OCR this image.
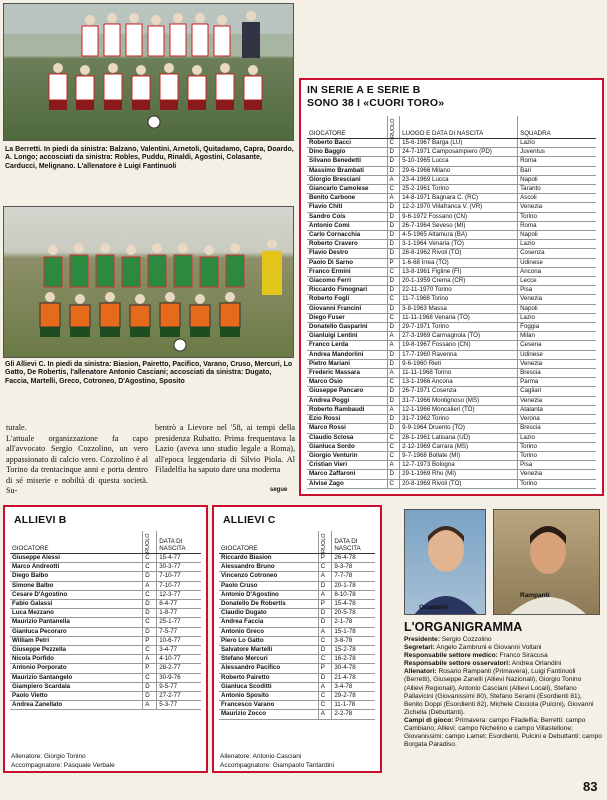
La Berretti. In piedi da sinistra: Balzano, Valentini, Arnetoli, Quitadamo, Capra, Doardo, A. Longo; accosciati da sinistra: Robles, Puddu, Rinaldi, Agostini, Colasante, Carducci, Melignano. L'allenatore è Luigi Fantinuoli
Gli Allievi C. In piedi da sinistra: Biasion, Pairetto, Pacifico, Varano, Cruso, Mercuri, Lo Gatto, De Robertis, l'allenatore Antonio Casciani; accosciati da sinistra: Dugato, Faccia, Martelli, Greco, Cotroneo, D'Agostino, Sposito
turale.
L'attuale organizzazione fa capo all'avvocato Sergio Cozzolino, un vero appassionato di calcio vero. Cozzolino è al Torino da trentacinque anni e porta dentro di sé miserie e nobiltà di questa società. Su-
bentrò a Lievore nel '58, ai tempi della presidenza Rubatto. Prima frequentava la Lazio (aveva uno studio legale a Roma), all'epoca leggendaria di Silvio Piola. Al Filadelfia ha saputo dare una moderna
segue
IN SERIE A E SERIE B
SONO 38 I «CUORI TORO»
GIOCATORE	RUOLO	LUOGO E DATA DI NASCITA	SQUADRA
Roberto Bacci	C	15-6-1967 Barga (LU)	Lazio
Dino Baggio	D	24-7-1971 Camposampiero (PD)	Juventus
Silvano Benedetti	D	5-10-1965 Lucca	Roma
Massimo Brambati	D	29-6-1966 Milano	Bari
Giorgio Bresciani	A	23-4-1969 Lucca	Napoli
Giancarlo Camolese	C	25-2-1961 Torino	Taranto
Benito Carbone	A	14-8-1971 Bagnara C. (RC)	Ascoli
Flavio Chiti	D	12-2-1970 Villafranca V. (VR)	Venezia
Sandro Cois	D	9-6-1972 Fossano (CN)	Torino
Antonio Comi	D	26-7-1964 Seveso (MI)	Roma
Carlo Cornacchia	D	4-5-1965 Altamura (BA)	Napoli
Roberto Cravero	D	3-1-1964 Venaria (TO)	Lazio
Flavio Destro	D	28-8-1962 Rivoli (TO)	Cosenza
Paolo Di Sarno	P	1-6-68 Irrea (TO)	Udinese
Franco Ermini	C	13-8-1961 Figline (FI)	Ancona
Giacomo Ferri	D	20-1-1959 Crema (CR)	Lecce
Riccardo Fimognari	D	22-11-1970 Torino	Pisa
Roberto Fogli	C	11-7-1968 Torino	Venezia
Giovanni Francini	D	3-8-1963 Massa	Napoli
Diego Fuser	C	11-11-1968 Venaria (TO)	Lazio
Donatello Gasparini	D	29-7-1971 Torino	Foggia
Gianluigi Lentini	A	27-3-1969 Carmagnola (TO)	Milan
Franco Lerda	A	19-8-1967 Fossano (CN)	Cesena
Andrea Mandorlini	D	17-7-1960 Ravenna	Udinese
Pietro Mariani	D	9-6-1960 Rieti	Venezia
Frederic Massara	A	11-11-1968 Torino	Brescia
Marco Osio	C	13-1-1966 Ancona	Parma
Giuseppe Pancaro	D	26-7-1971 Cosenza	Cagliari
Andrea Poggi	D	31-7-1966 Montignoso (MS)	Venezia
Roberto Rambaudi	A	12-1-1966 Moncalieri (TO)	Atalanta
Ezio Rossi	D	31-7-1962 Torino	Verona
Marco Rossi	D	9-9-1964 Druento (TO)	Brescia
Claudio Sclosa	C	28-1-1961 Latisana (UD)	Lazio
Gianluca Sordo	C	2-12-1969 Carrara (MS)	Torino
Giorgio Venturin	C	9-7-1968 Bollate (MI)	Torino
Cristian Vieri	A	12-7-1973 Bologna	Pisa
Marco Zaffaroni	D	29-1-1969 Rho (MI)	Venezia
Alvise Zago	C	20-8-1969 Rivoli (TO)	Torino
ALLIEVI B
GIOCATORE	RUOLO	DATA DI NASCITA
Giuseppe Alessi	C	15-4-77
Marco Andreotti	C	30-3-77
Diego Balbo	D	7-10-77
Simone Balbo	A	7-10-77
Cesare D'Agostino	C	12-3-77
Fabio Galassi	D	8-4-77
Luca Mezzano	D	1-8-77
Maurizio Pantanella	C	25-1-77
Gianluca Pecoraro	D	7-5-77
William Petri	P	10-6-77
Giuseppe Pezzella	C	3-4-77
Nicola Porfido	A	4-10-77
Antonio Porporato	P	28-2-77
Maurizio Santangelo	C	30-9-76
Giampiero Scardala	D	9-5-77
Paolo Vietto	D	27-2-77
Andrea Zanellato	A	5-3-77
Allenatore: Giorgio Tonino
Accompagnatore: Pasquale Verbale
ALLIEVI C
GIOCATORE	RUOLO	DATA DI NASCITA
Riccardo Biasion	P	26-4-78
Alessandro Bruno	C	9-3-78
Vincenzo Cotroneo	A	7-7-78
Paolo Cruso	D	20-1-78
Antonio D'Agostino	A	8-10-78
Donatello De Robertis	P	15-4-78
Claudio Dugato	D	20-5-78
Andrea Faccia	D	2-1-78
Antonio Greco	A	15-1-78
Piero Lo Gatto	C	3-8-78
Salvatore Martelli	D	15-2-78
Stefano Mercuri	C	16-2-78
Alessandro Pacifico	P	30-4-78
Roberto Pairetto	D	21-4-78
Gianluca Scoditti	A	3-4-78
Antonio Sposito	C	29-2-78
Francesco Varano	C	11-1-78
Maurizio Zocco	A	2-2-78
Allenatore: Antonio Casciani
Accompagnatore: Giampaolo Tantardini
Orlandini
Rampanti
L'ORGANIGRAMMA
Presidente: Sergio Cozzolino
Segretari: Angelo Zambruni e Giovanni Voltani
Responsabile settore medico: Franco Siracusa
Responsabile settore osservatori: Andrea Orlandini
Allenatori: Rosario Rampanti (Primavera), Luigi Fantinuoli (Berretti), Giuseppe Zanelli (Allievi Nazionali), Giorgio Tonino (Allievi Regionali), Antonio Casciani (Allievi Locali), Stefano Pallavicini (Giovanissimi 80), Stefano Serami (Esordienti 81), Benito Doppi (Esordienti 82), Michele Ciociola (Pulcini), Giovanni Zichella (Debuttanti).
Campi di gioco: Primavera: campo Filadelfia; Berretti: campo Cambiano; Allievi: campo Nichelino e campo Villastellone; Giovanissimi: campo Lamet; Esordienti, Pulcini e Debuttanti: campo Borgata Paradiso.
83
